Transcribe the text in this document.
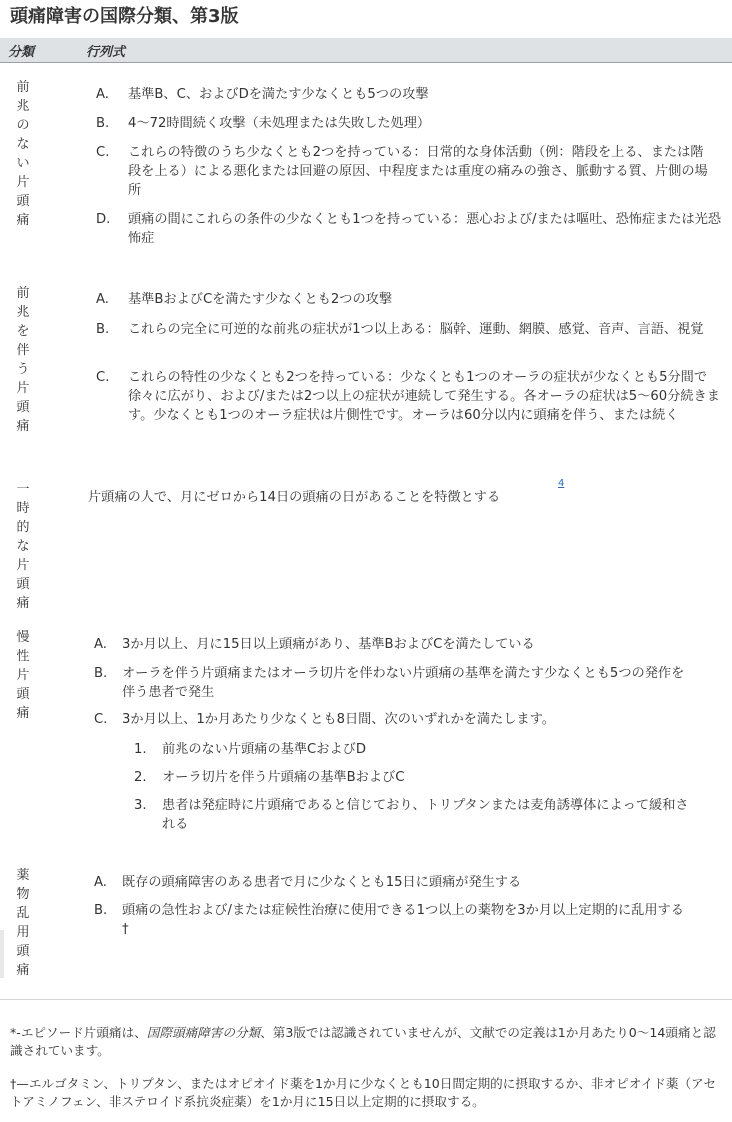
頭痛障害の国際分類、第3版
分類	行列式
前兆のない片頭痛
A. 基準B、C、およびDを満たす少なくとも5つの攻撃
B. 4〜72時間続く攻撃（未処理または失敗した処理）
C. これらの特徴のうち少なくとも2つを持っている：日常的な身体活動（例：階段を上る、または階段を上る）による悪化または回避の原因、中程度または重度の痛みの強さ、脈動する質、片側の場所
D. 頭痛の間にこれらの条件の少なくとも1つを持っている：悪心および/または嘔吐、恐怖症または光恐怖症
前兆を伴う片頭痛
A. 基準BおよびCを満たす少なくとも2つの攻撃
B. これらの完全に可逆的な前兆の症状が1つ以上ある：脳幹、運動、網膜、感覚、音声、言語、視覚
C. これらの特性の少なくとも2つを持っている：少なくとも1つのオーラの症状が少なくとも5分間で徐々に広がり、および/または2つ以上の症状が連続して発生する。各オーラの症状は5〜60分続きます。少なくとも1つのオーラ症状は片側性です。オーラは60分以内に頭痛を伴う、または続く
一時的な片頭痛
片頭痛の人で、月にゼロから14日の頭痛の日があることを特徴とする
4
慢性片頭痛
A. 3か月以上、月に15日以上頭痛があり、基準BおよびCを満たしている
B. オーラを伴う片頭痛またはオーラ切片を伴わない片頭痛の基準を満たす少なくとも5つの発作を伴う患者で発生
C. 3か月以上、1か月あたり少なくとも8日間、次のいずれかを満たします。
1. 前兆のない片頭痛の基準CおよびD
2. オーラ切片を伴う片頭痛の基準BおよびC
3. 患者は発症時に片頭痛であると信じており、トリプタンまたは麦角誘導体によって緩和される
薬物乱用頭痛
A. 既存の頭痛障害のある患者で月に少なくとも15日に頭痛が発生する
B. 頭痛の急性および/または症候性治療に使用できる1つ以上の薬物を3か月以上定期的に乱用する†
*-エピソード片頭痛は、国際頭痛障害の分類、第3版では認識されていませんが、文献での定義は1か月あたり0〜14頭痛と認識されています。
†—エルゴタミン、トリプタン、またはオピオイド薬を1か月に少なくとも10日間定期的に摂取するか、非オピオイド薬（アセトアミノフェン、非ステロイド系抗炎症薬）を1か月に15日以上定期的に摂取する。
